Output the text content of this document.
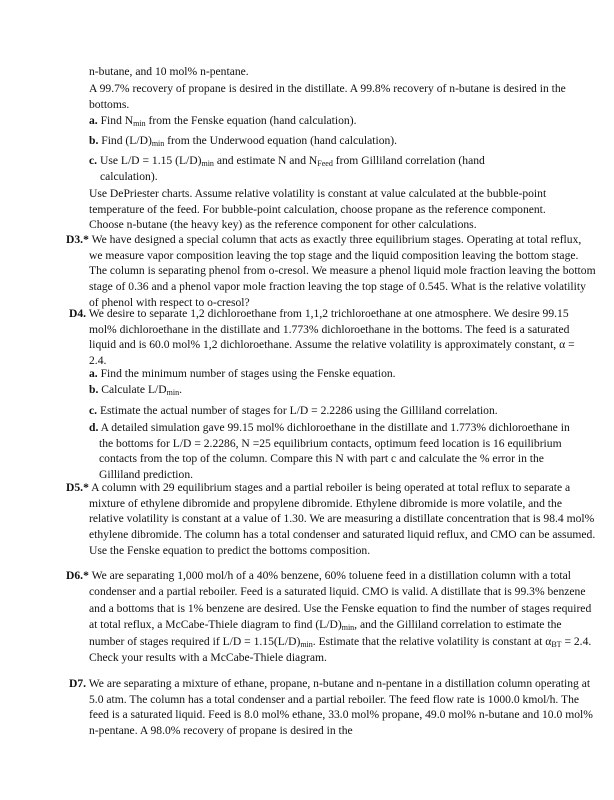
n-butane, and 10 mol% n-pentane.

A 99.7% recovery of propane is desired in the distillate. A 99.8% recovery of n-butane is desired in the bottoms.

a. Find $N_{min}$ from the Fenske equation (hand calculation).

b. Find $(L/D)_{min}$ from the Underwood equation (hand calculation).

c. Use L/D = 1.15 $(L/D)_{min}$ and estimate N and $N_{Feed}$ from Gilliland correlation (hand calculation).

Use DePriester charts. Assume relative volatility is constant at value calculated at the bubble-point temperature of the feed. For bubble-point calculation, choose propane as the reference component. Choose n-butane (the heavy key) as the reference component for other calculations.

D3.* We have designed a special column that acts as exactly three equilibrium stages. Operating at total reflux, we measure vapor composition leaving the top stage and the liquid composition leaving the bottom stage. The column is separating phenol from o-cresol. We measure a phenol liquid mole fraction leaving the bottom stage of 0.36 and a phenol vapor mole fraction leaving the top stage of 0.545. What is the relative volatility of phenol with respect to o-cresol?

D4. We desire to separate 1,2 dichloroethane from 1,1,2 trichloroethane at one atmosphere. We desire 99.15 mol% dichloroethane in the distillate and 1.773% dichloroethane in the bottoms. The feed is a saturated liquid and is 60.0 mol% 1,2 dichloroethane. Assume the relative volatility is approximately constant, α = 2.4.

a. Find the minimum number of stages using the Fenske equation.

b. Calculate $L/D_{min}$.

c. Estimate the actual number of stages for L/D = 2.2286 using the Gilliland correlation.

d. A detailed simulation gave 99.15 mol% dichloroethane in the distillate and 1.773% dichloroethane in the bottoms for L/D = 2.2286, N =25 equilibrium contacts, optimum feed location is 16 equilibrium contacts from the top of the column. Compare this N with part c and calculate the % error in the Gilliland prediction.

D5.* A column with 29 equilibrium stages and a partial reboiler is being operated at total reflux to separate a mixture of ethylene dibromide and propylene dibromide. Ethylene dibromide is more volatile, and the relative volatility is constant at a value of 1.30. We are measuring a distillate concentration that is 98.4 mol% ethylene dibromide. The column has a total condenser and saturated liquid reflux, and CMO can be assumed. Use the Fenske equation to predict the bottoms composition.

D6.* We are separating 1,000 mol/h of a 40% benzene, 60% toluene feed in a distillation column with a total condenser and a partial reboiler. Feed is a saturated liquid. CMO is valid. A distillate that is 99.3% benzene and a bottoms that is 1% benzene are desired. Use the Fenske equation to find the number of stages required at total reflux, a McCabe-Thiele diagram to find $(L/D)_{min}$, and the Gilliland correlation to estimate the number of stages required if $L/D = 1.15(L/D)_{min}$. Estimate that the relative volatility is constant at $\alpha_{BT} = 2.4$. Check your results with a McCabe-Thiele diagram.

D7. We are separating a mixture of ethane, propane, n-butane and n-pentane in a distillation column operating at 5.0 atm. The column has a total condenser and a partial reboiler. The feed flow rate is 1000.0 kmol/h. The feed is a saturated liquid. Feed is 8.0 mol% ethane, 33.0 mol% propane, 49.0 mol% n-butane and 10.0 mol% n-pentane. A 98.0% recovery of propane is desired in the
